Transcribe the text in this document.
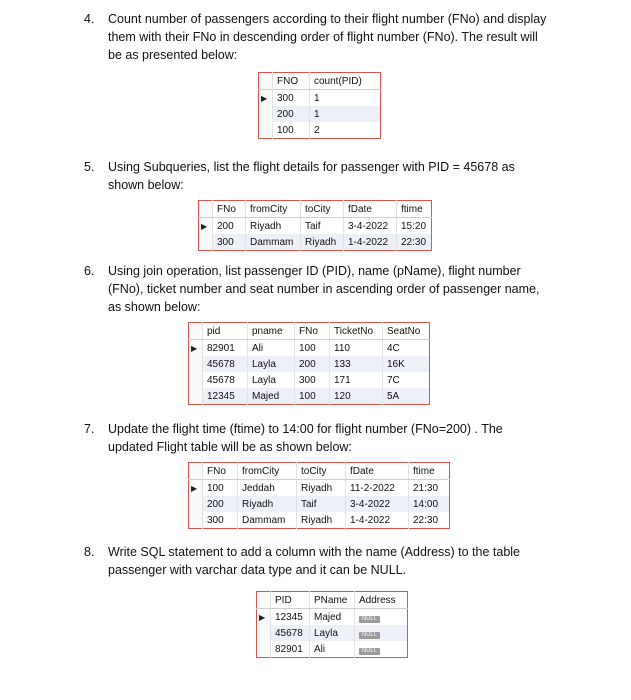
4. Count number of passengers according to their flight number (FNo) and display them with their FNo in descending order of flight number (FNo). The result will be as presented below:
	FNO	count(PID)
▶	300	1
	200	1
	100	2
5. Using Subqueries, list the flight details for passenger with PID = 45678 as shown below:
	FNo	fromCity	toCity	fDate	ftime
▶	200	Riyadh	Taif	3-4-2022	15:20
	300	Dammam	Riyadh	1-4-2022	22:30
6. Using join operation, list passenger ID (PID), name (pName), flight number (FNo), ticket number and seat number in ascending order of passenger name, as shown below:
	pid	pname	FNo	TicketNo	SeatNo
▶	82901	Ali	100	110	4C
	45678	Layla	200	133	16K
	45678	Layla	300	171	7C
	12345	Majed	100	120	5A
7. Update the flight time (ftime) to 14:00 for flight number (FNo=200) . The updated Flight table will be as shown below:
	FNo	fromCity	toCity	fDate	ftime
▶	100	Jeddah	Riyadh	11-2-2022	21:30
	200	Riyadh	Taif	3-4-2022	14:00
	300	Dammam	Riyadh	1-4-2022	22:30
8. Write SQL statement to add a column with the name (Address) to the table passenger with varchar data type and it can be NULL.
	PID	PName	Address
▶	12345	Majed	NULL
	45678	Layla	NULL
	82901	Ali	NULL
